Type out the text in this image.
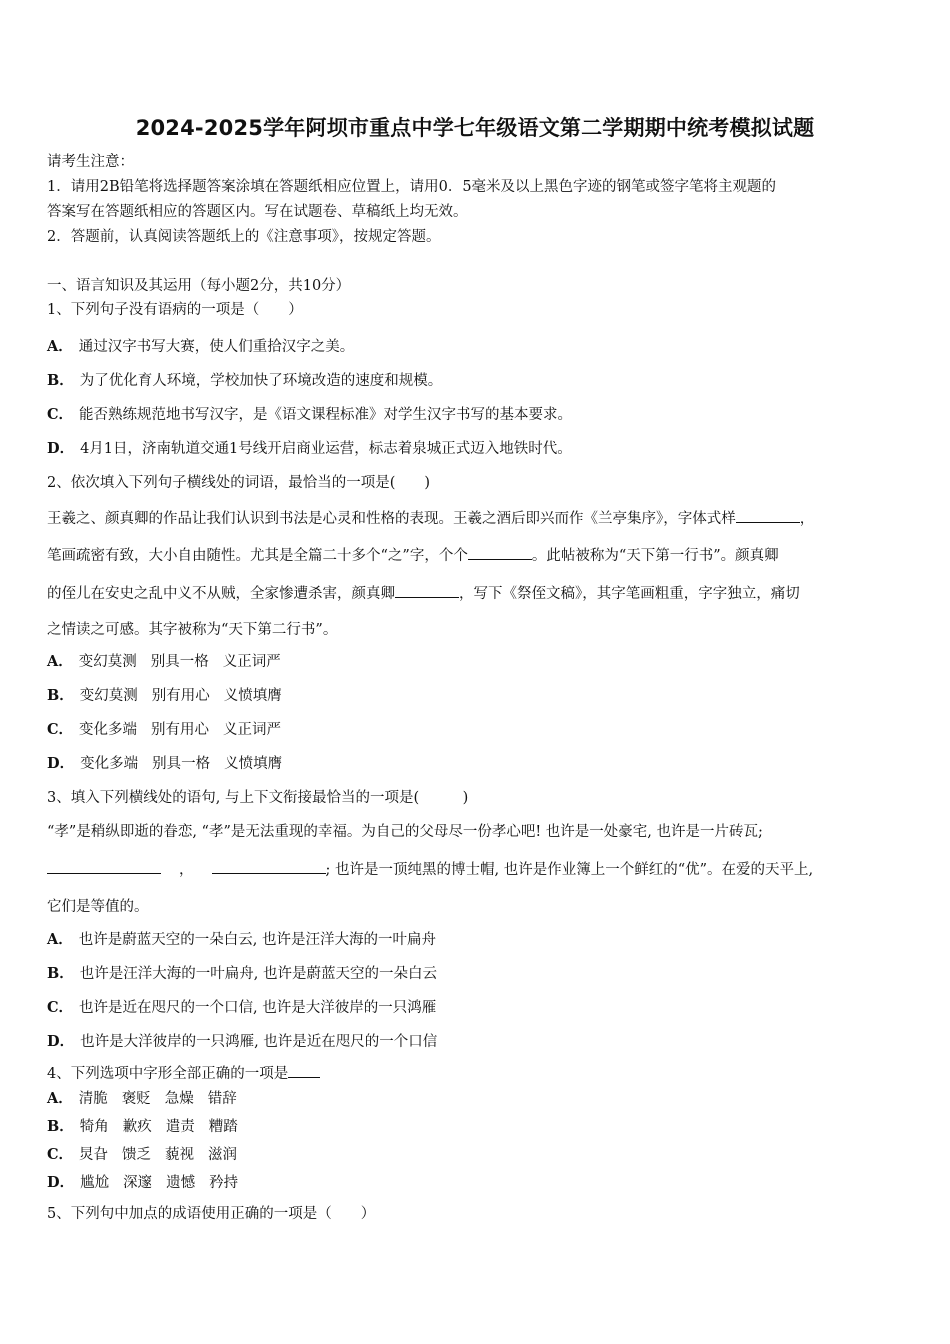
2024-2025学年阿坝市重点中学七年级语文第二学期期中统考模拟试题
请考生注意：
1．请用2B铅笔将选择题答案涂填在答题纸相应位置上，请用0．5毫米及以上黑色字迹的钢笔或签字笔将主观题的
答案写在答题纸相应的答题区内。写在试题卷、草稿纸上均无效。
2．答题前，认真阅读答题纸上的《注意事项》，按规定答题。
一、语言知识及其运用（每小题2分，共10分）
1、下列句子没有语病的一项是（　　）
A． 通过汉字书写大赛，使人们重拾汉字之美。
B． 为了优化育人环境，学校加快了环境改造的速度和规模。
C． 能否熟练规范地书写汉字，是《语文课程标准》对学生汉字书写的基本要求。
D． 4月1日，济南轨道交通1号线开启商业运营，标志着泉城正式迈入地铁时代。
2、依次填入下列句子横线处的词语，最恰当的一项是(　　)
王羲之、颜真卿的作品让我们认识到书法是心灵和性格的表现。王羲之酒后即兴而作《兰亭集序》，字体式样	，
笔画疏密有致，大小自由随性。尤其是全篇二十多个“之”字，个个	。此帖被称为“天下第一行书”。颜真卿
的侄儿在安史之乱中义不从贼，全家惨遭杀害，颜真卿	，写下《祭侄文稿》，其字笔画粗重，字字独立，痛切
之情读之可感。其字被称为“天下第二行书”。
A． 变幻莫测 别具一格 义正词严
B． 变幻莫测 别有用心 义愤填膺
C． 变化多端 别有用心 义正词严
D． 变化多端 别具一格 义愤填膺
3、填入下列横线处的语句, 与上下文衔接最恰当的一项是(　　　)
“孝”是稍纵即逝的眷恋, “孝”是无法重现的幸福。为自己的父母尽一份孝心吧! 也许是一处豪宅, 也许是一片砖瓦;
，	; 也许是一顶纯黑的博士帽, 也许是作业簿上一个鲜红的“优”。在爱的天平上,
它们是等值的。
A． 也许是蔚蓝天空的一朵白云, 也许是汪洋大海的一叶扁舟
B． 也许是汪洋大海的一叶扁舟, 也许是蔚蓝天空的一朵白云
C． 也许是近在咫尺的一个口信, 也许是大洋彼岸的一只鸿雁
D． 也许是大洋彼岸的一只鸿雁, 也许是近在咫尺的一个口信
4、下列选项中字形全部正确的一项是
A． 清脆 褒贬 急燥 错辞
B． 犄角 歉疚 遣责 糟踏
C． 炅旮 馈乏 藐视 滋润
D． 尴尬 深邃 遗憾 矜持
5、下列句中加点的成语使用正确的一项是（　　）
